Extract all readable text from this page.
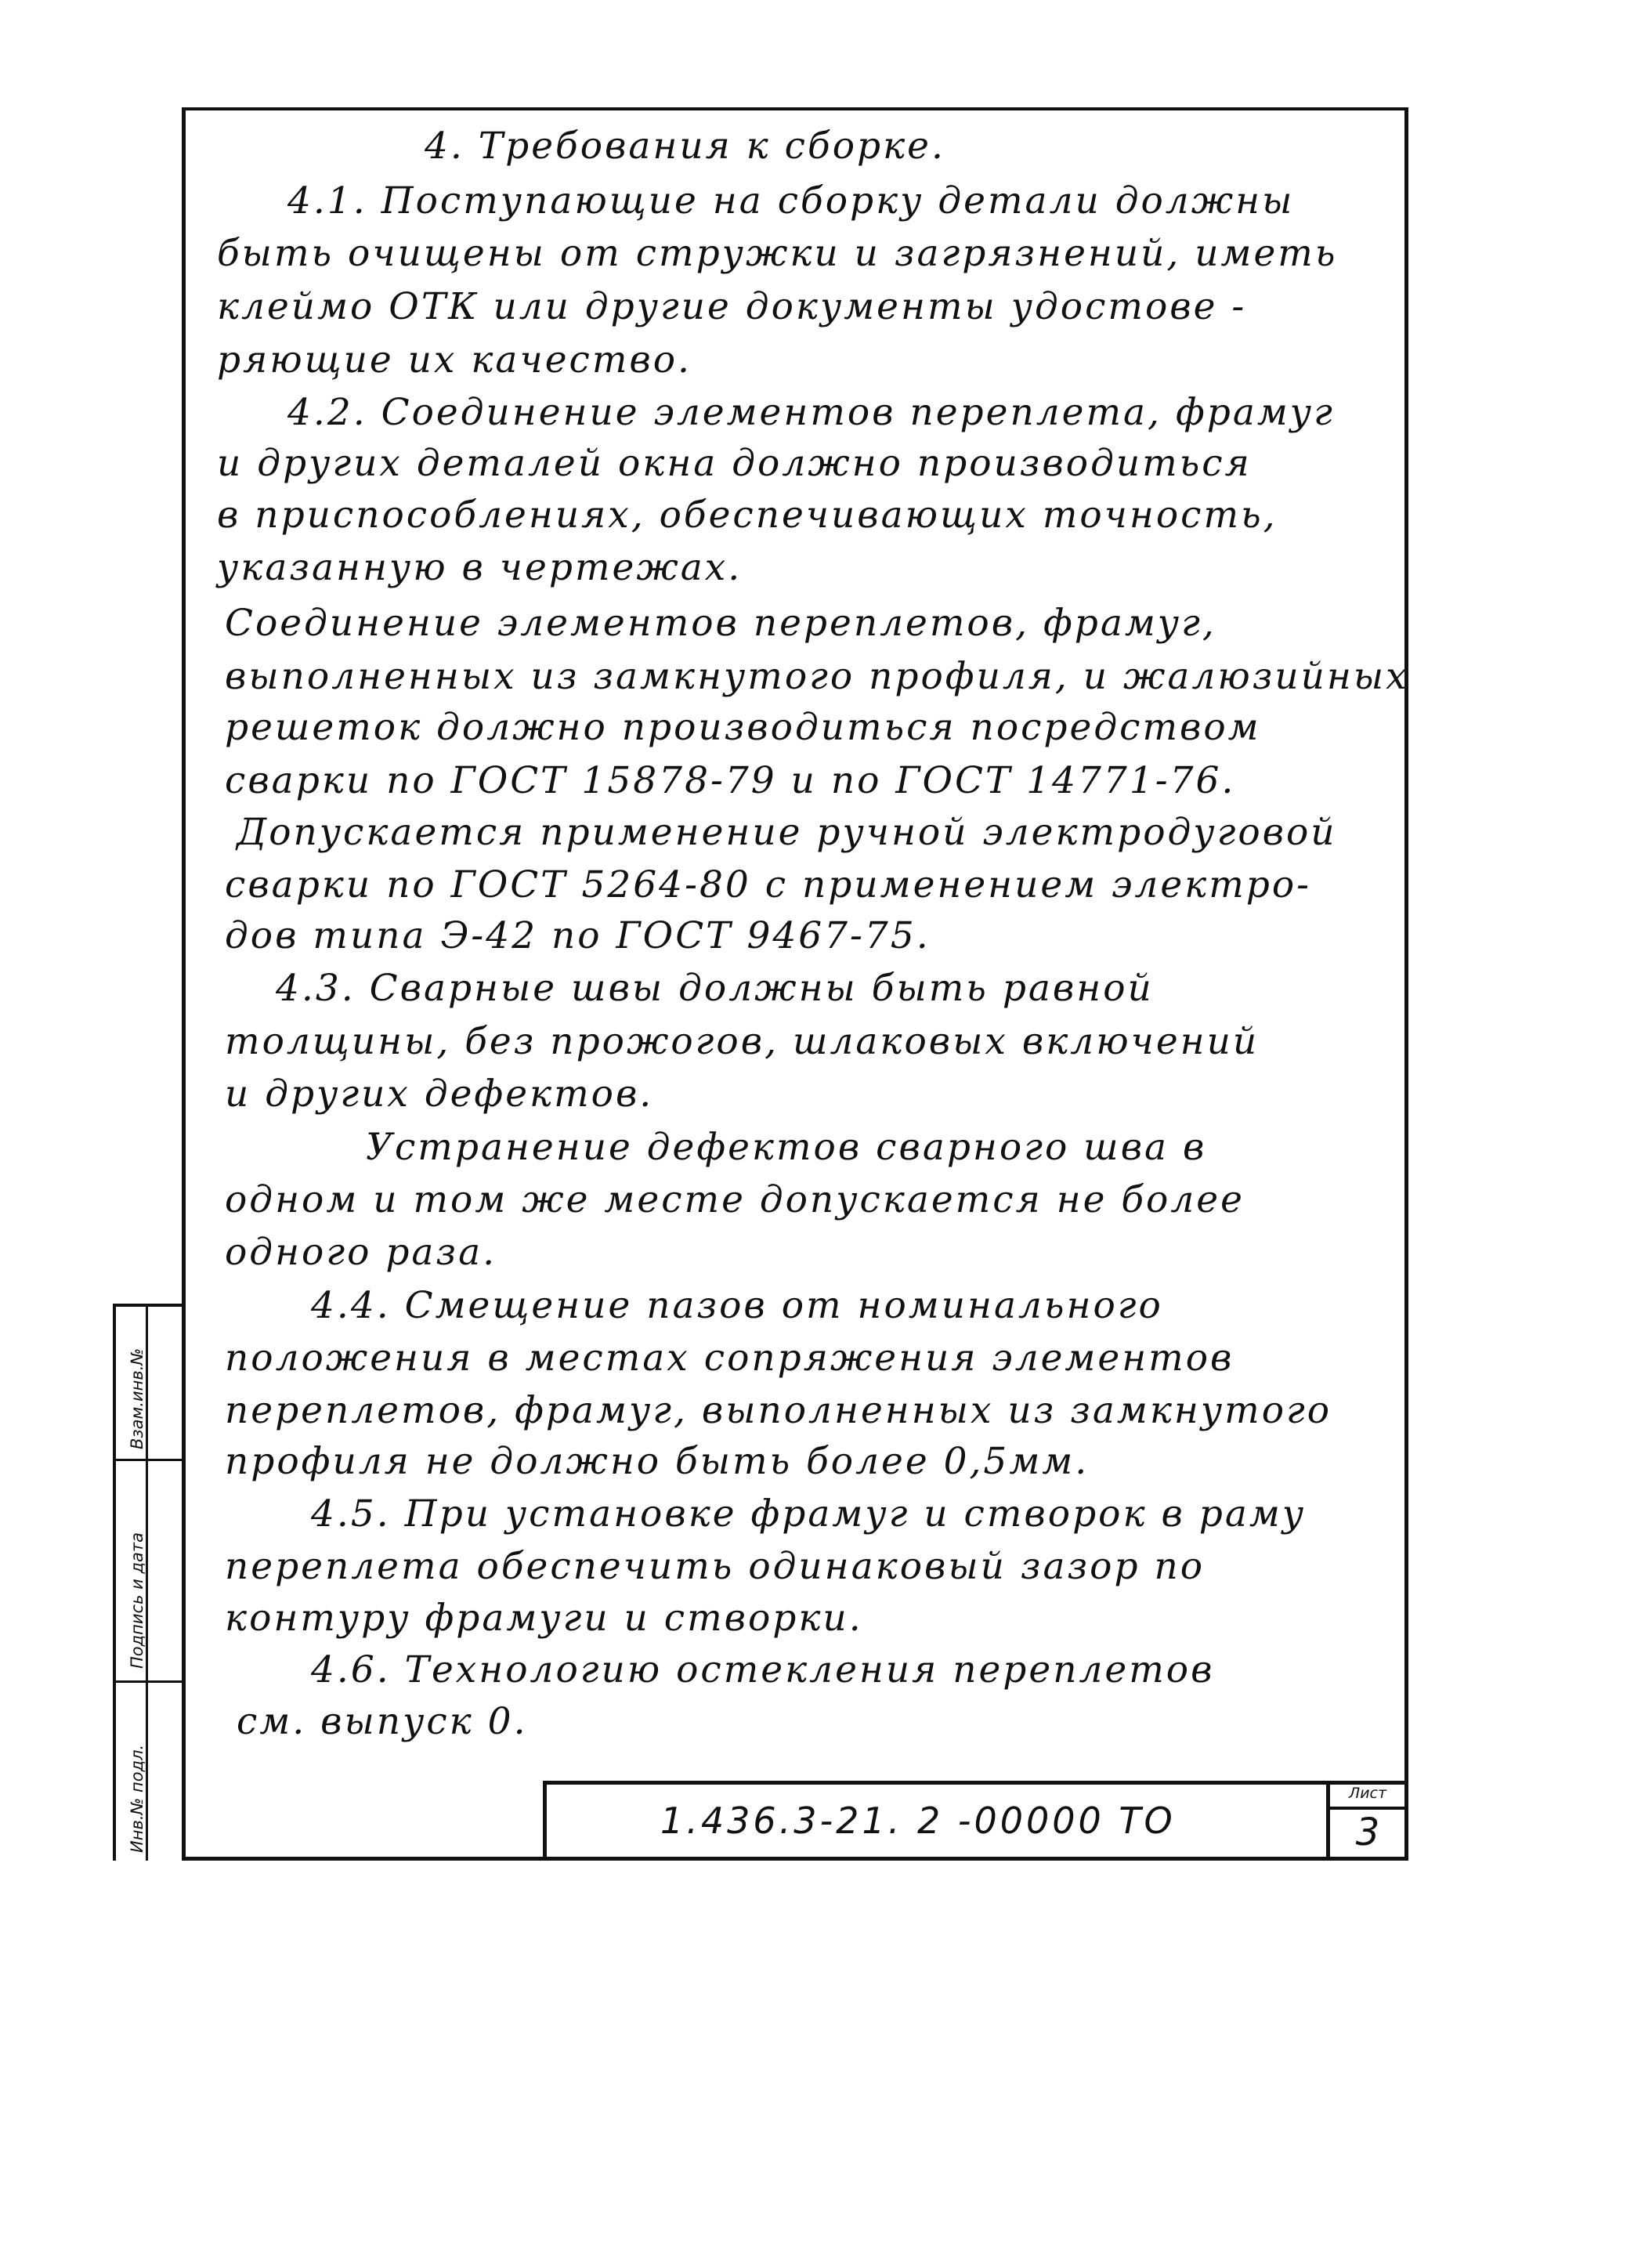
4. Требования к сборке.
4.1. Поступающие на сборку детали должны
быть очищены от стружки и загрязнений, иметь
клеймо ОТК или другие документы удостове -
ряющие их качество.
4.2. Соединение элементов переплета, фрамуг
и других деталей окна должно производиться
в приспособлениях, обеспечивающих точность,
указанную в чертежах.
Соединение элементов переплетов, фрамуг,
выполненных из замкнутого профиля, и жалюзийных
решеток должно производиться посредством
сварки по ГОСТ 15878-79 и по ГОСТ 14771-76.
Допускается применение ручной электродуговой
сварки по ГОСТ 5264-80 с применением электро-
дов типа Э-42 по ГОСТ 9467-75.
4.3. Сварные швы должны быть равной
толщины, без прожогов, шлаковых включений
и других дефектов.
Устранение дефектов сварного шва в
одном и том же месте допускается не более
одного раза.
4.4. Смещение пазов от номинального
положения в местах сопряжения элементов
переплетов, фрамуг, выполненных из замкнутого
профиля не должно быть более 0,5мм.
4.5. При установке фрамуг и створок в раму
переплета обеспечить одинаковый зазор по
контуру фрамуги и створки.
4.6. Технологию остекления переплетов
см. выпуск 0.
1.436.3-21. 2 -00000 ТО
Лист
3
Инв.№ подл.
Подпись и дата
Взам.инв.№
